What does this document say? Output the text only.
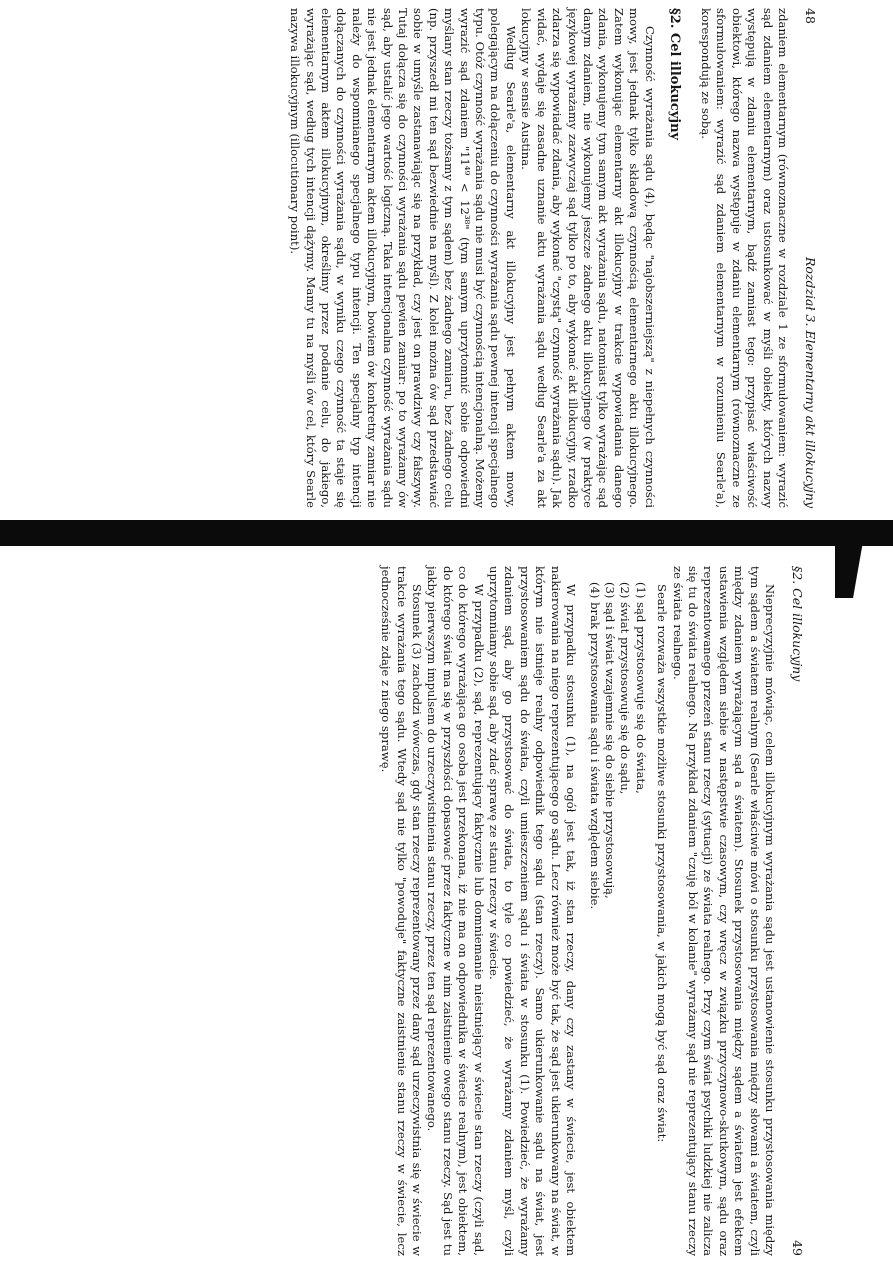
48
Rozdział 3. Elementarny akt illokucyjny

zdaniem elementarnym (równoznaczne w rozdziale 1 ze sformułowaniem: wyrazić sąd zdaniem elementarnym) oraz ustosunkować w myśli obiekty, których nazwy występują w zdaniu elementarnym, bądź zamiast tego: przypisać właściwość obiektowi, którego nazwa występuje w zdaniu elementarnym (równoznaczne ze sformułowaniem: wyrazić sąd zdaniem elementarnym w rozumieniu Searle'a), korespondują ze sobą.

§2. Cel illokucyjny

Czynność wyrażania sądu (4), będąc "najobszerniejszą" z niepełnych czynności mowy, jest jednak tylko składową czynnością elementarnego aktu illokucyjnego. Zatem wykonując elementarny akt illokucyjny w trakcie wypowiadania danego zdania, wykonujemy tym samym akt wyrażania sądu, natomiast tylko wyrażając sąd danym zdaniem, nie wykonujemy jeszcze żadnego aktu illokucyjnego (w praktyce językowej wyrażamy zazwyczaj sąd tylko po to, aby wykonać akt illokucyjny, rzadko zdarza się wypowiadać zdania, aby wykonać "czystą" czynność wyrażania sądu). Jak widać, wydaje się zasadne uznanie aktu wyrażania sądu według Searle'a za akt lokucyjny w sensie Austina.

Według Searle'a, elementarny akt illokucyjny jest pełnym aktem mowy, polegającym na dołączeniu do czynności wyrażania sądu pewnej intencji specjalnego typu. Otóż czynność wyrażania sądu nie musi być czynnością intencjonalną. Możemy wyrazić sąd zdaniem "11⁴⁹ < 12³⁸" (tym samym uprzytomnić sobie odpowiedni myślany stan rzeczy tożsamy z tym sądem) bez żadnego zamiaru, bez żadnego celu (np. przyszedł mi ten sąd bezwiednie na myśl). Z kolei można ów sąd przedstawiać sobie w umyśle zastanawiając się na przykład, czy jest on prawdziwy czy fałszywy. Tutaj dołącza się do czynności wyrażania sądu pewien zamiar: po to wyrażamy ów sąd, aby ustalić jego wartość logiczną. Taka intencjonalna czynność wyrażania sądu nie jest jednak elementarnym aktem illokucyjnym, bowiem ów konkretny zamiar nie należy do wspomnianego specjalnego typu intencji. Ten specjalny typ intencji dołączanych do czynności wyrażania sądu, w wyniku czego czynność ta staje się elementarnym aktem illokucyjnym, określimy przez podanie celu, do jakiego, wyrażając sąd, według tych intencji dążymy. Mamy tu na myśli ów cel, który Searle nazywa illokucyjnym (illocutionary point).

§2. Cel illokucyjny
49

Nieprecyzyjnie mówiąc, celem illokucyjnym wyrażania sądu jest ustanowienie stosunku przystosowania między tym sądem a światem realnym (Searle właściwie mówi o stosunku przystosowania między słowami a światem, czyli między zdaniem wyrażającym sąd a światem). Stosunek przystosowania między sądem a światem jest efektem ustawienia względem siebie w następstwie czasowym, czy wręcz w związku przyczynowo-skutkowym, sądu oraz reprezentowanego przezeń stanu rzeczy (sytuacji) ze świata realnego. Przy czym świat psychiki ludzkiej nie zalicza się tu do świata realnego. Na przykład zdaniem "czuję ból w kolanie" wyrażamy sąd nie reprezentujący stanu rzeczy ze świata realnego.

Searle rozważa wszystkie możliwe stosunki przystosowania, w jakich mogą być sąd oraz świat:

(1) sąd przystosowuje się do świata,
(2) świat przystosowuje się do sądu,
(3) sąd i świat wzajemnie się do siebie przystosowują,
(4) brak przystosowania sądu i świata względem siebie.

W przypadku stosunku (1), na ogół jest tak, iż stan rzeczy, dany czy zastany w świecie, jest obiektem nakierowania na niego reprezentującego go sądu. Lecz również może być tak, że sąd jest ukierunkowany na świat, w którym nie istnieje realny odpowiednik tego sądu (stan rzeczy). Samo ukierunkowanie sądu na świat, jest przystosowaniem sądu do świata, czyli umieszczeniem sądu i świata w stosunku (1). Powiedzieć, że wyrażamy zdaniem sąd, aby go przystosować do świata, to tyle co powiedzieć, że wyrażamy zdaniem myśl, czyli uprzytomniamy sobie sąd, aby zdać sprawę ze stanu rzeczy w świecie.

W przypadku (2), sąd, reprezentujący faktycznie lub domniemanie nieistniejący w świecie stan rzeczy (czyli sąd, co do którego wyrażająca go osoba jest przekonana, iż nie ma on odpowiednika w świecie realnym), jest obiektem, do którego świat ma się w przyszłości dopasować przez faktyczne w nim zaistnienie owego stanu rzeczy. Sąd jest tu jakby pierwszym impulsem do urzeczywistnienia stanu rzeczy, przez ten sąd reprezentowanego.

Stosunek (3) zachodzi wówczas, gdy stan rzeczy reprezentowany przez dany sąd urzeczywistnia się w świecie w trakcie wyrażania tego sądu. Wtedy sąd nie tylko "powoduje" faktyczne zaistnienie stanu rzeczy w świecie, lecz jednocześnie zdaje z niego sprawę.
